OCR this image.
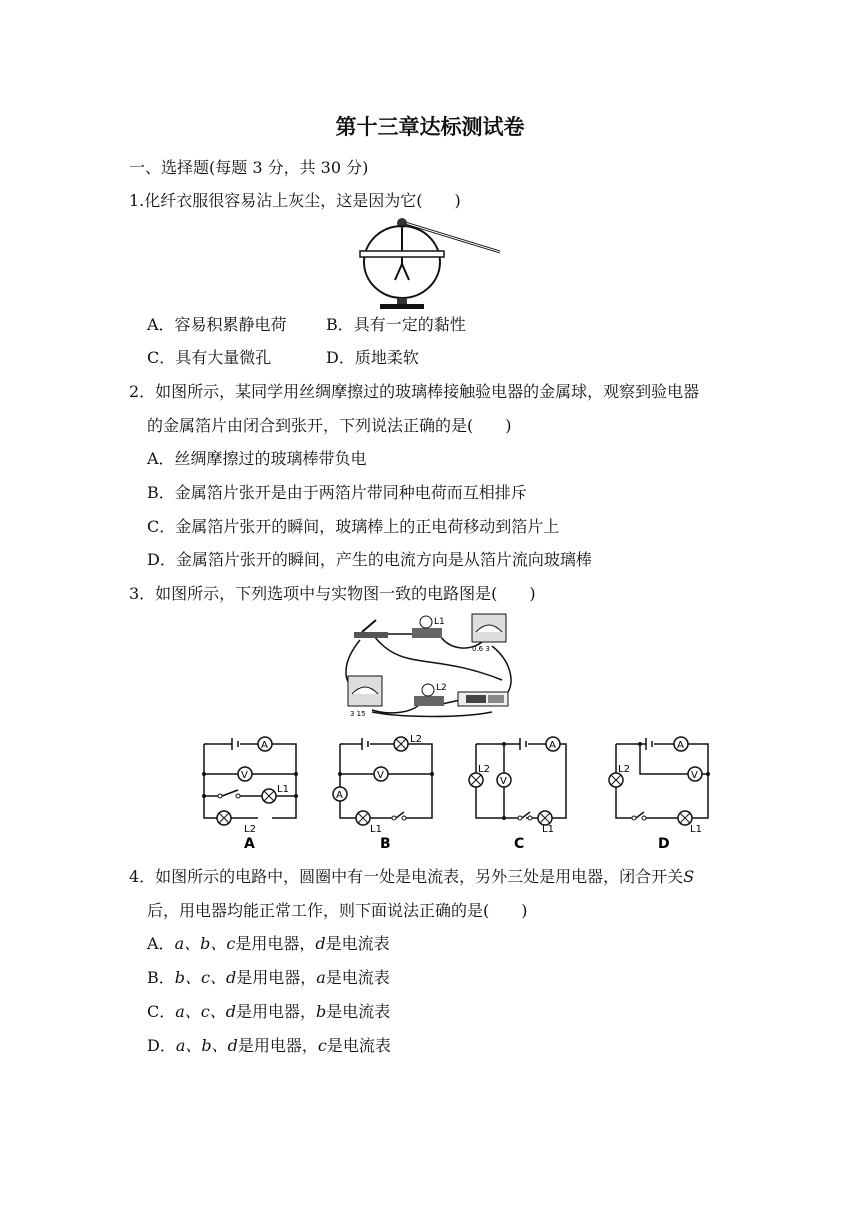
第十三章达标测试卷
一、选择题(每题 3 分，共 30 分)
1.化纤衣服很容易沾上灰尘，这是因为它(　　)
A．容易积累静电荷 B．具有一定的黏性
C．具有大量微孔	D．质地柔软
2．如图所示，某同学用丝绸摩擦过的玻璃棒接触验电器的金属球，观察到验电器
的金属箔片由闭合到张开，下列说法正确的是(　　)
A．丝绸摩擦过的玻璃棒带负电
B．金属箔片张开是由于两箔片带同种电荷而互相排斥
C．金属箔片张开的瞬间，玻璃棒上的正电荷移动到箔片上
D．金属箔片张开的瞬间，产生的电流方向是从箔片流向玻璃棒
3．如图所示，下列选项中与实物图一致的电路图是(　　)
L1
0.6 3
3 15
L2
A
V
L1
L2
A
L2
V
A
L1
B
A
L2
V
L1
C
A
V
L2
L1
D
4．如图所示的电路中，圆圈中有一处是电流表，另外三处是用电器，闭合开关S
后，用电器均能正常工作，则下面说法正确的是(　　)
A．a、b、c是用电器，d是电流表
B．b、c、d是用电器，a是电流表
C．a、c、d是用电器，b是电流表
D．a、b、d是用电器，c是电流表
